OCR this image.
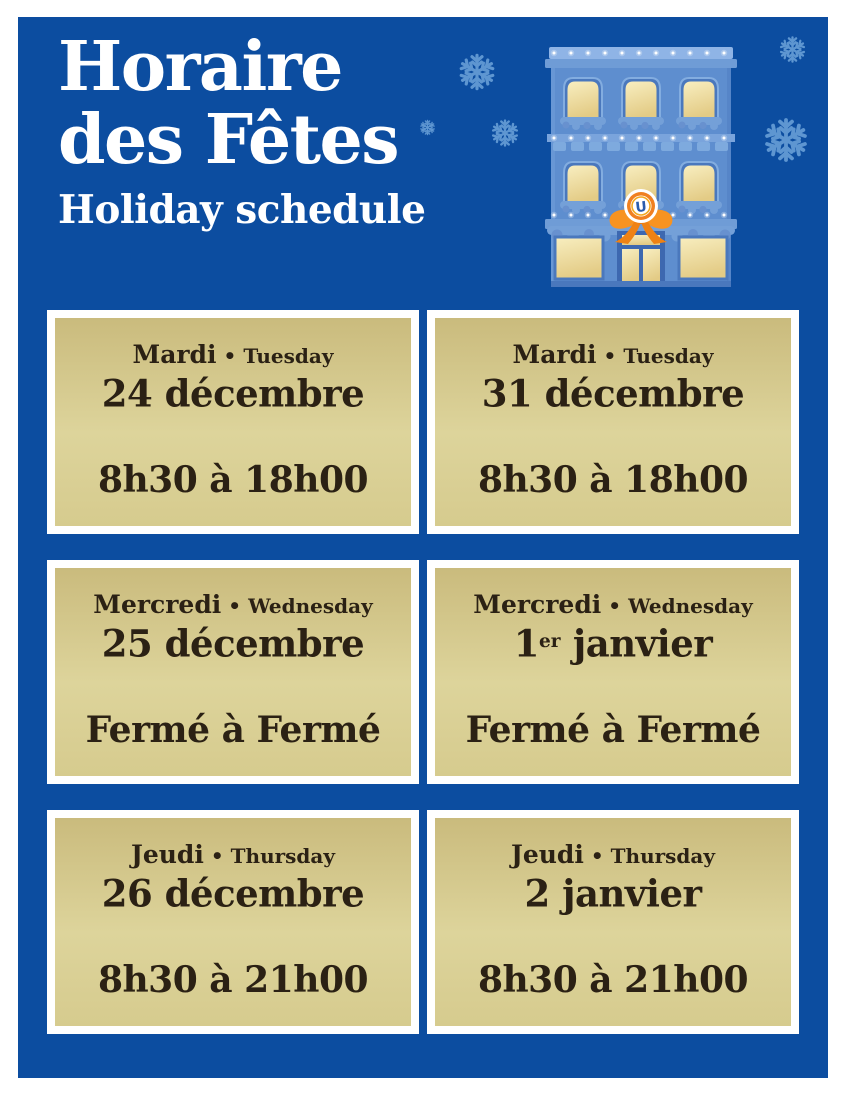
Horaire
des Fêtes

Holiday schedule	U
Mardi • Tuesday
24 décembre
8h30 à 18h00
Mardi • Tuesday
31 décembre
8h30 à 18h00
Mercredi • Wednesday
25 décembre
Fermé à Fermé
Mercredi • Wednesday
1er janvier
Fermé à Fermé
Jeudi • Thursday
26 décembre
8h30 à 21h00
Jeudi • Thursday
2 janvier
8h30 à 21h00
